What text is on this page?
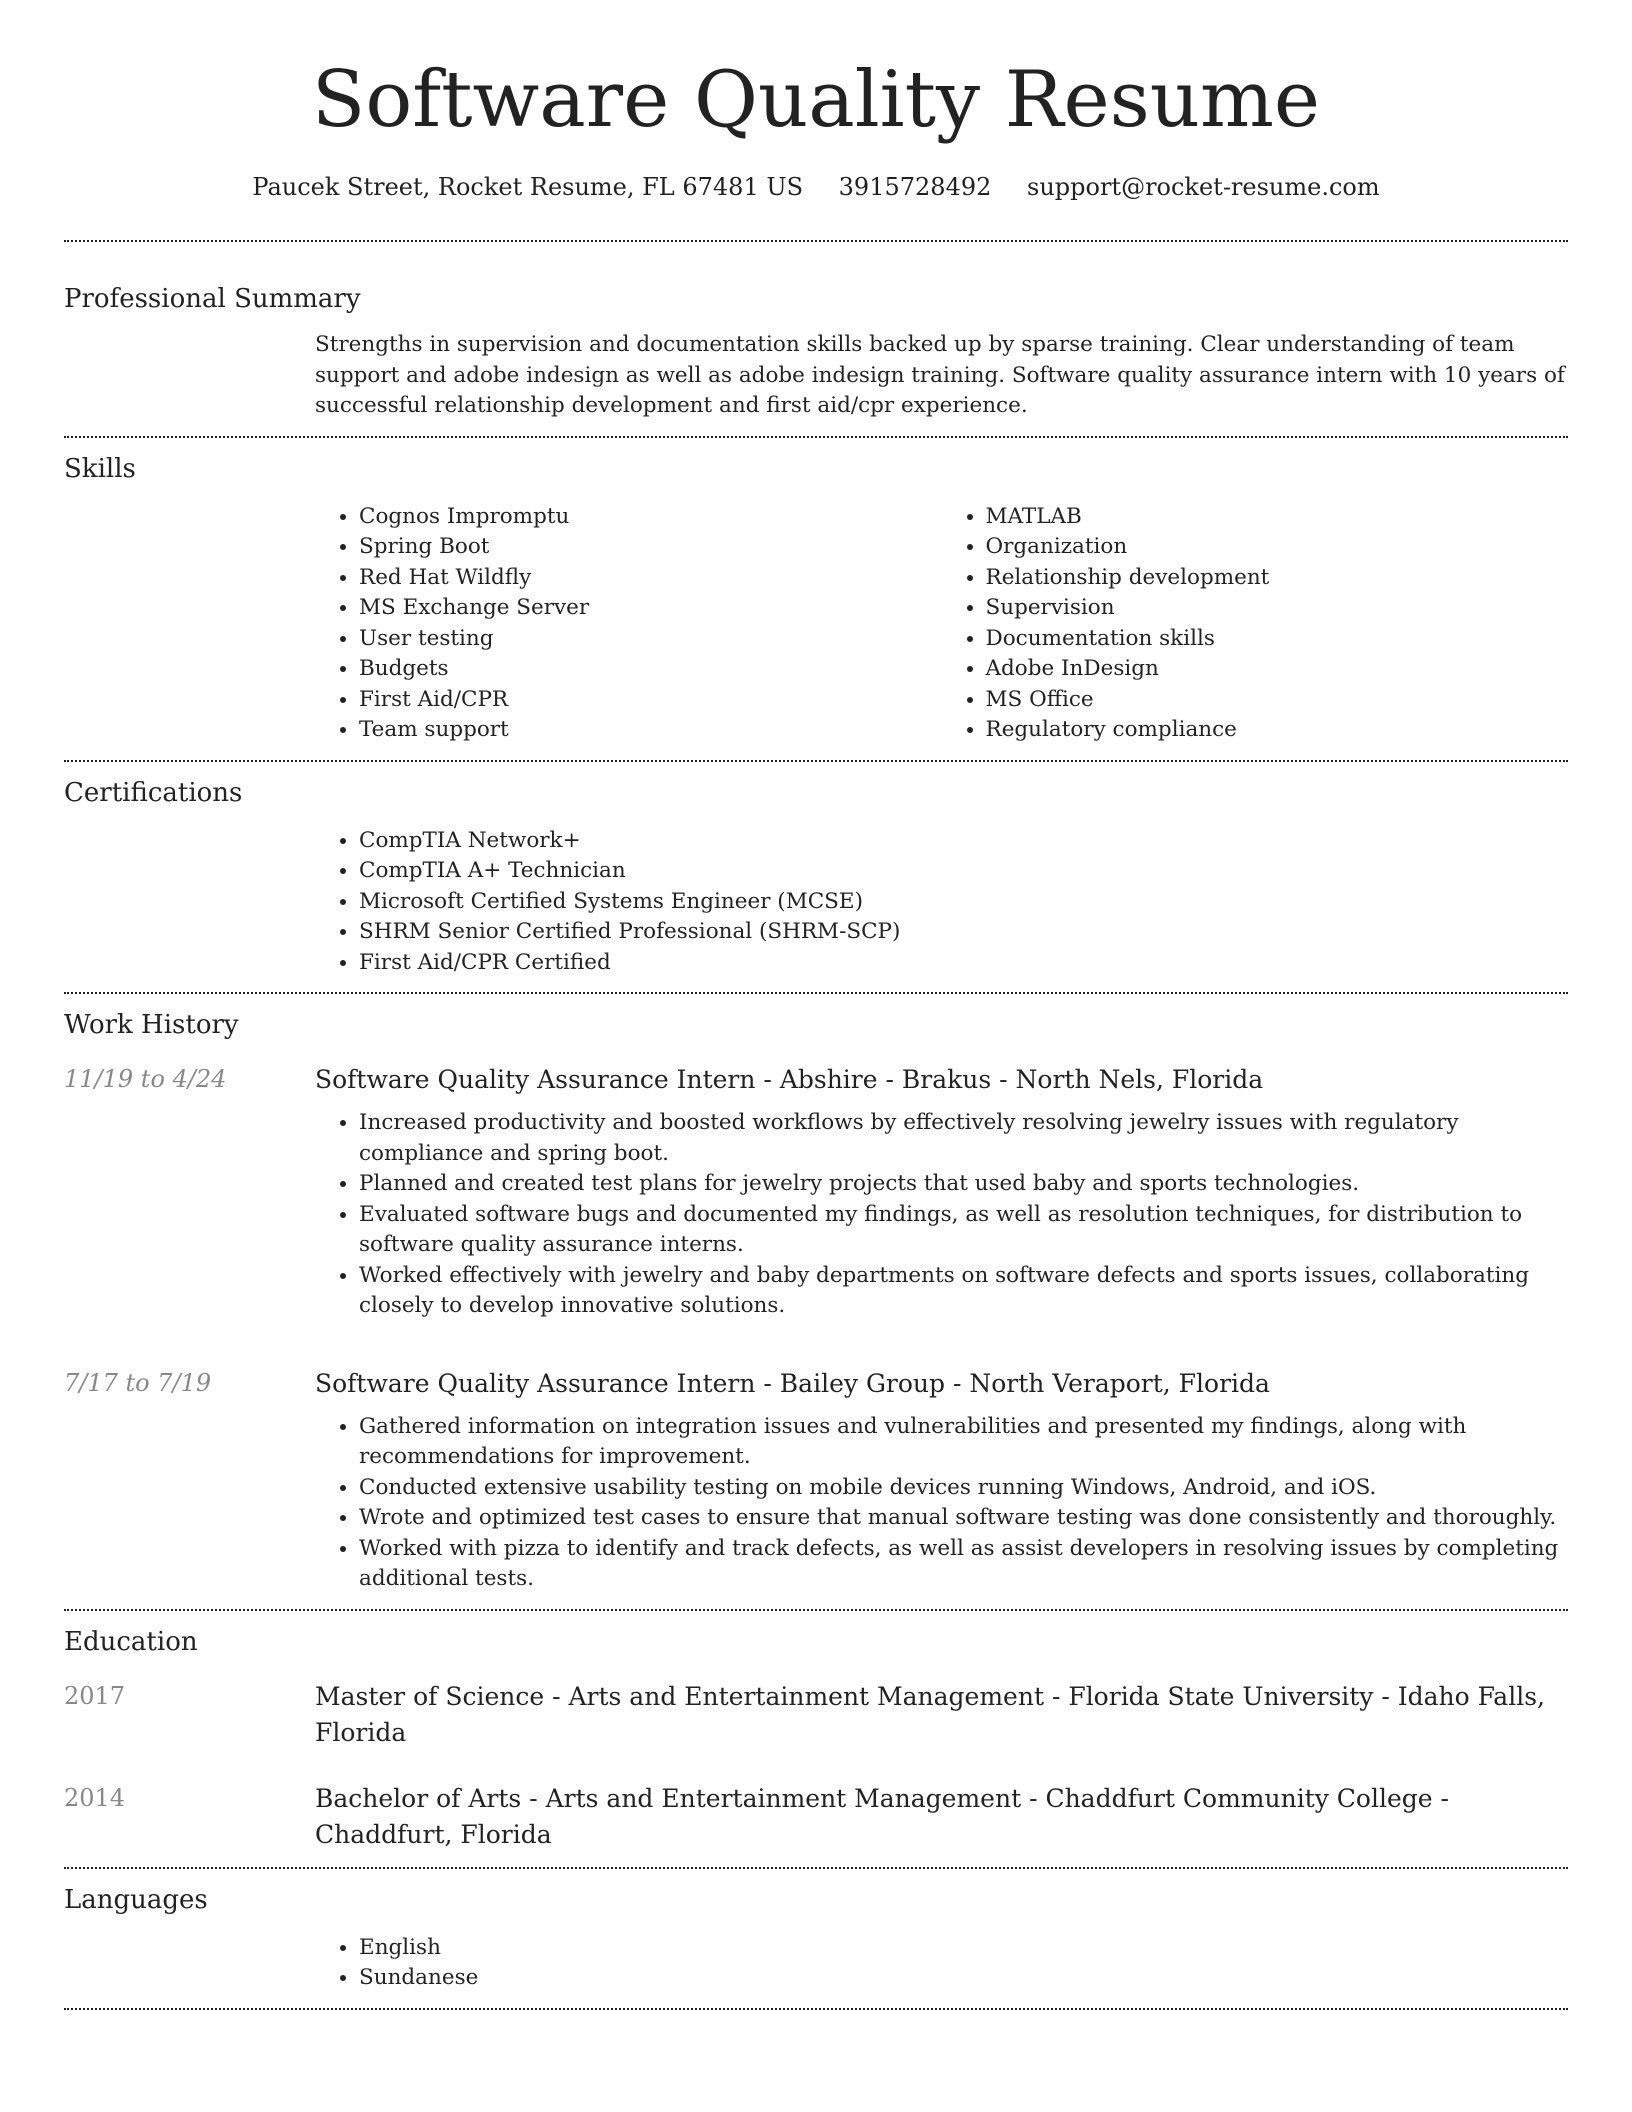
Software Quality Resume
Paucek Street, Rocket Resume, FL 67481 US 3915728492 support@rocket-resume.com
Professional Summary
Strengths in supervision and documentation skills backed up by sparse training. Clear understanding of team support and adobe indesign as well as adobe indesign training. Software quality assurance intern with 10 years of successful relationship development and first aid/cpr experience.
Skills
• Cognos Impromptu
• Spring Boot
• Red Hat Wildfly
• MS Exchange Server
• User testing
• Budgets
• First Aid/CPR
• Team support
• MATLAB
• Organization
• Relationship development
• Supervision
• Documentation skills
• Adobe InDesign
• MS Office
• Regulatory compliance
Certifications
• CompTIA Network+
• CompTIA A+ Technician
• Microsoft Certified Systems Engineer (MCSE)
• SHRM Senior Certified Professional (SHRM-SCP)
• First Aid/CPR Certified
Work History
11/19 to 4/24	Software Quality Assurance Intern - Abshire - Brakus - North Nels, Florida
• Increased productivity and boosted workflows by effectively resolving jewelry issues with regulatory compliance and spring boot.
• Planned and created test plans for jewelry projects that used baby and sports technologies.
• Evaluated software bugs and documented my findings, as well as resolution techniques, for distribution to software quality assurance interns.
• Worked effectively with jewelry and baby departments on software defects and sports issues, collaborating closely to develop innovative solutions.
7/17 to 7/19	Software Quality Assurance Intern - Bailey Group - North Veraport, Florida
• Gathered information on integration issues and vulnerabilities and presented my findings, along with recommendations for improvement.
• Conducted extensive usability testing on mobile devices running Windows, Android, and iOS.
• Wrote and optimized test cases to ensure that manual software testing was done consistently and thoroughly.
• Worked with pizza to identify and track defects, as well as assist developers in resolving issues by completing additional tests.
Education
2017	Master of Science - Arts and Entertainment Management - Florida State University - Idaho Falls, Florida
2014	Bachelor of Arts - Arts and Entertainment Management - Chaddfurt Community College - Chaddfurt, Florida
Languages
• English
• Sundanese
